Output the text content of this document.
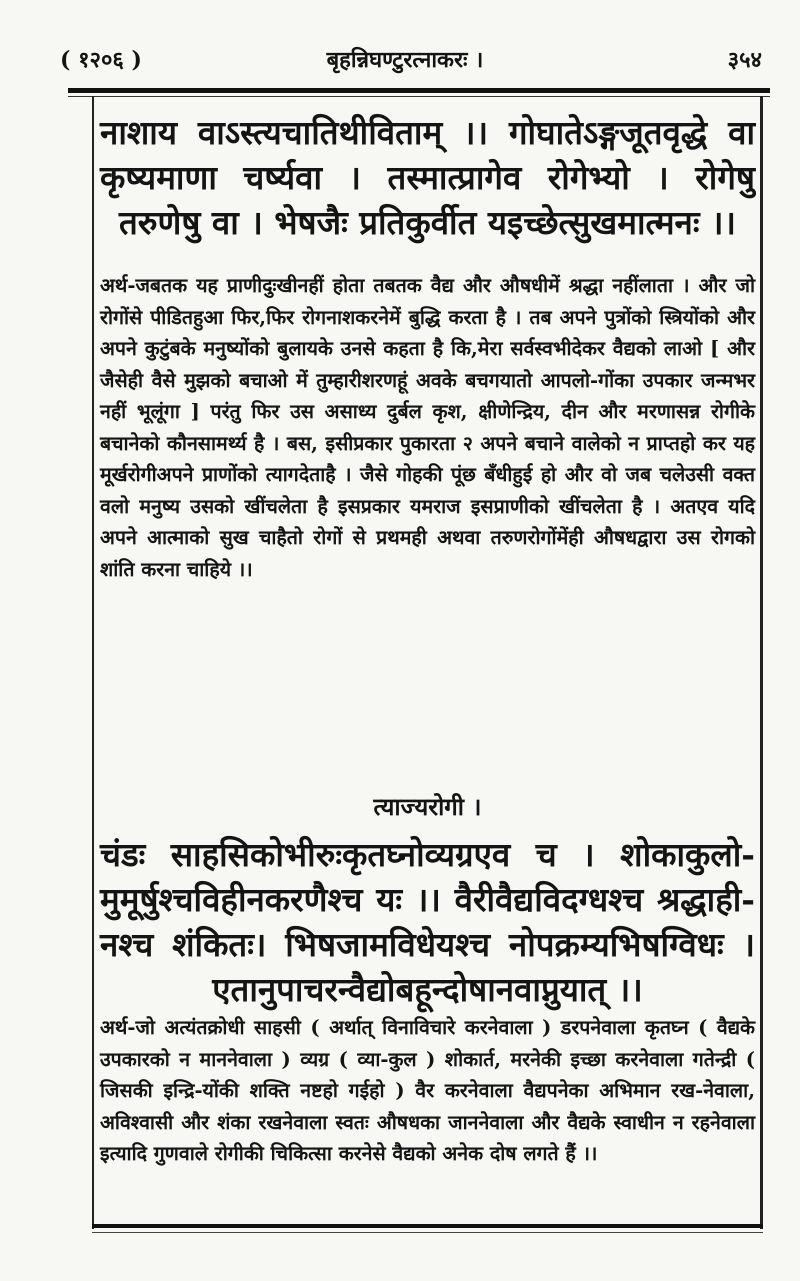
( १२०६ )	बृहन्निघण्टुरत्नाकरः ।	३५४
नाशाय वाऽस्त्यचातिथीविताम् ।। गोघातेऽङ्गजूतवृद्धे वा कृष्यमाणा चर्ष्यवा । तस्मात्प्रागेव रोगेभ्यो । रोगेषु तरुणेषु वा । भेषजैः प्रतिकुर्वीत यइच्छेत्सुखमात्मनः ।।
अर्थ-जबतक यह प्राणीदुःखीनहीं होता तबतक वैद्य और औषधीमें श्रद्धा नहींलाता । और जो रोगोंसे पीडितहुआ फिर,फिर रोगनाशकरनेमें बुद्धि करता है । तब अपने पुत्रोंको स्त्रियोंको और अपने कुटुंबके मनुष्योंको बुलायके उनसे कहता है कि,मेरा सर्वस्वभीदेकर वैद्यको लाओ [ और जैसेही वैसे मुझको बचाओ में तुम्हारीशरणहूं अवके बचगयातो आपलो-गोंका उपकार जन्मभर नहीं भूलूंगा ] परंतु फिर उस असाध्य दुर्बल कृश, क्षीणेन्द्रिय, दीन और मरणासन्न रोगीके बचानेको कौनसामर्थ्य है । बस, इसीप्रकार पुकारता २ अपने बचाने वालेको न प्राप्तहो कर यह मूर्खरोगीअपने प्राणोंको त्यागदेताहै । जैसे गोहकी पूंछ बँधीहुई हो और वो जब चलेउसी वक्त वलो मनुष्य उसको खींचलेता है इसप्रकार यमराज इसप्राणीको खींचलेता है । अतएव यदि अपने आत्माको सुख चाहैतो रोगों से प्रथमही अथवा तरुणरोगोंमेंही औषधद्वारा उस रोगको शांति करना चाहिये ।।
त्याज्यरोगी ।
चंडः साहसिकोभीरुःकृतघ्नोव्यग्रएव च । शोकाकुलो-मुमूर्षुश्चविहीनकरणैश्च यः ।। वैरीवैद्यविदग्धश्च श्रद्धाही-नश्च शंकितः। भिषजामविधेयश्च नोपक्रम्यभिषग्विधः । एतानुपाचरन्वैद्योबहून्दोषानवाप्नुयात् ।।
अर्थ-जो अत्यंतक्रोधी साहसी ( अर्थात् विनाविचारे करनेवाला ) डरपनेवाला कृतघ्न ( वैद्यके उपकारको न माननेवाला ) व्यग्र ( व्या-कुल ) शोकार्त, मरनेकी इच्छा करनेवाला गतेन्द्री ( जिसकी इन्द्रि-योंकी शक्ति नष्टहो गईहो ) वैर करनेवाला वैद्यपनेका अभिमान रख-नेवाला, अविश्वासी और शंका रखनेवाला स्वतः औषधका जाननेवाला और वैद्यके स्वाधीन न रहनेवाला इत्यादि गुणवाले रोगीकी चिकित्सा करनेसे वैद्यको अनेक दोष लगते हैं ।।
